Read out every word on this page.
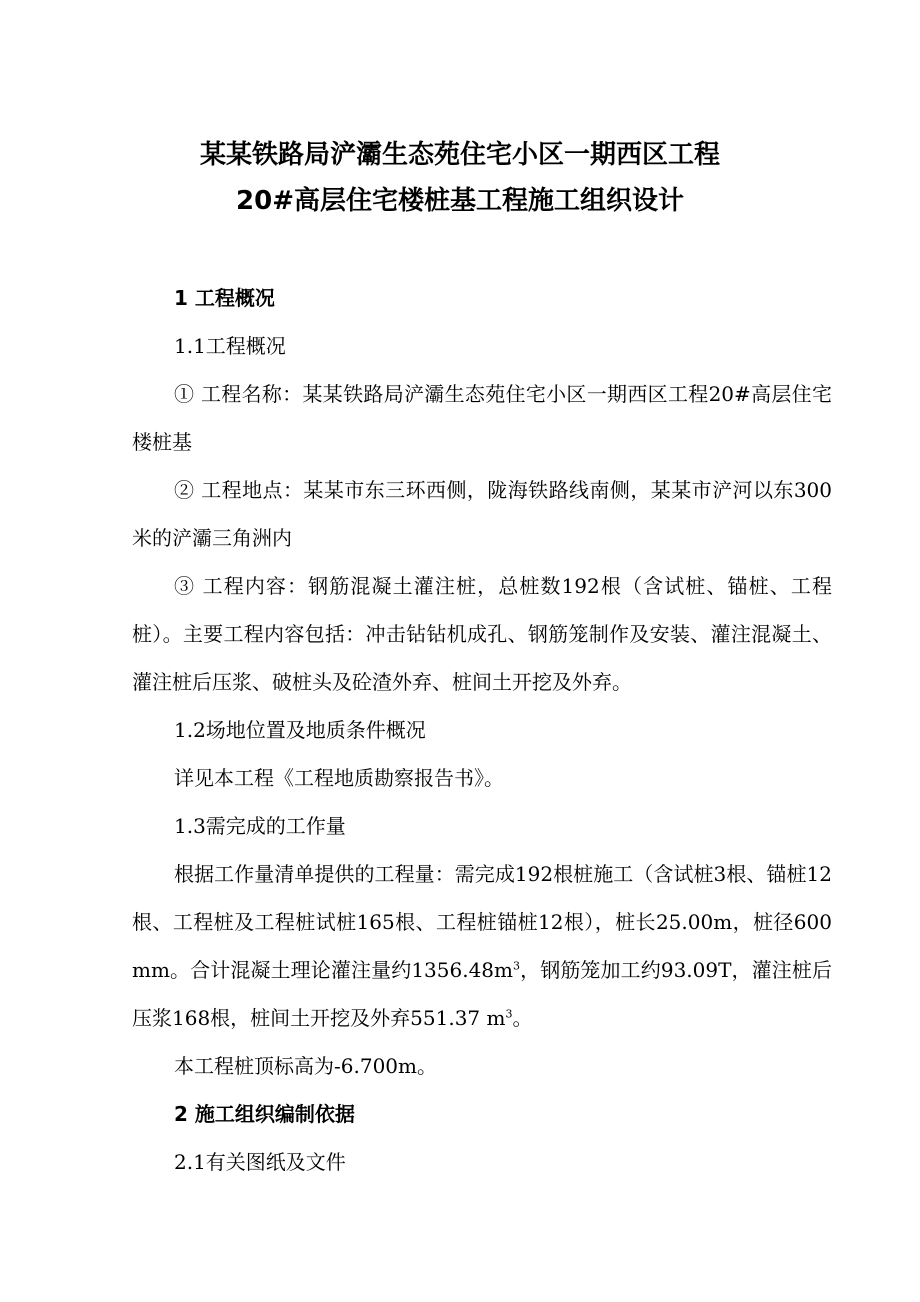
某某铁路局浐灞生态苑住宅小区一期西区工程
20#高层住宅楼桩基工程施工组织设计
1 工程概况
1.1工程概况
① 工程名称：某某铁路局浐灞生态苑住宅小区一期西区工程20#高层住宅楼桩基
② 工程地点：某某市东三环西侧，陇海铁路线南侧，某某市浐河以东300米的浐灞三角洲内
③ 工程内容：钢筋混凝土灌注桩，总桩数192根（含试桩、锚桩、工程桩）。主要工程内容包括：冲击钻钻机成孔、钢筋笼制作及安装、灌注混凝土、灌注桩后压浆、破桩头及砼渣外弃、桩间土开挖及外弃。
1.2场地位置及地质条件概况
详见本工程《工程地质勘察报告书》。
1.3需完成的工作量
根据工作量清单提供的工程量：需完成192根桩施工（含试桩3根、锚桩12根、工程桩及工程桩试桩165根、工程桩锚桩12根），桩长25.00m，桩径600mm。合计混凝土理论灌注量约$1356.48m^3$，钢筋笼加工约93.09T，灌注桩后压浆168根，桩间土开挖及外弃551.37 $m^3$。
本工程桩顶标高为-6.700m。
2 施工组织编制依据
2.1有关图纸及文件
